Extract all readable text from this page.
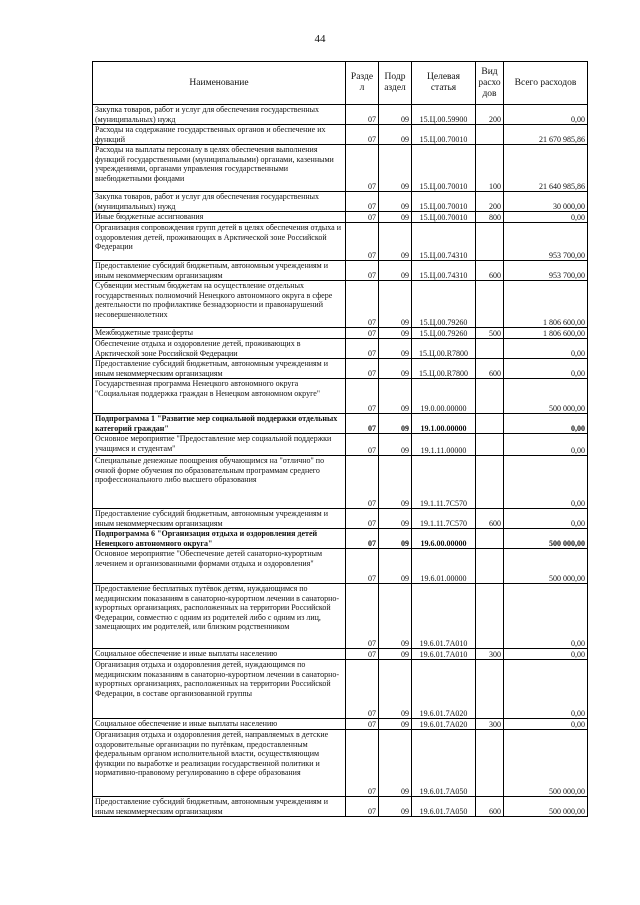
44
Наименование	Разде л	Подр аздел	Целевая статья	Вид расхо дов	Всего расходов
Закупка товаров, работ и услуг для обеспечения государственных (муниципальных) нужд	07	09	15.Ц.00.59900	200	0,00
Расходы на содержание государственных органов и обеспечение их функций	07	09	15.Ц.00.70010		21 670 985,86
Расходы на выплаты персоналу в целях обеспечения выполнения функций государственными (муниципальными) органами, казенными учреждениями, органами управления государственными внебюджетными фондами	07	09	15.Ц.00.70010	100	21 640 985,86
Закупка товаров, работ и услуг для обеспечения государственных (муниципальных) нужд	07	09	15.Ц.00.70010	200	30 000,00
Иные бюджетные ассигнования	07	09	15.Ц.00.70010	800	0,00
Организация сопровождения групп детей в целях обеспечения отдыха и оздоровления детей, проживающих в Арктической зоне Российской Федерации	07	09	15.Ц.00.74310		953 700,00
Предоставление субсидий бюджетным, автономным учреждениям и иным некоммерческим организациям	07	09	15.Ц.00.74310	600	953 700,00
Субвенции местным бюджетам на осуществление отдельных государственных полномочий Ненецкого автономного округа в сфере деятельности по профилактике безнадзорности и правонарушений несовершеннолетних	07	09	15.Ц.00.79260		1 806 600,00
Межбюджетные трансферты	07	09	15.Ц.00.79260	500	1 806 600,00
Обеспечение отдыха и оздоровление детей, проживающих в Арктической зоне Российской Федерации	07	09	15.Ц.00.R7800		0,00
Предоставление субсидий бюджетным, автономным учреждениям и иным некоммерческим организациям	07	09	15.Ц.00.R7800	600	0,00
Государственная программа Ненецкого автономного округа "Социальная поддержка граждан в Ненецком автономном округе"	07	09	19.0.00.00000		500 000,00
Подпрограмма 1 "Развитие мер социальной поддержки отдельных категорий граждан"	07	09	19.1.00.00000		0,00
Основное мероприятие "Предоставление мер социальной поддержки учащимся и студентам"	07	09	19.1.11.00000		0,00
Специальные денежные поощрения обучающимся на "отлично" по очной форме обучения по образовательным программам среднего профессионального либо высшего образования	07	09	19.1.11.7С570		0,00
Предоставление субсидий бюджетным, автономным учреждениям и иным некоммерческим организациям	07	09	19.1.11.7С570	600	0,00
Подпрограмма 6 "Организация отдыха и оздоровления детей Ненецкого автономного округа"	07	09	19.6.00.00000		500 000,00
Основное мероприятие "Обеспечение детей санаторно-курортным лечением и организованными формами отдыха и оздоровления"	07	09	19.6.01.00000		500 000,00
Предоставление бесплатных путёвок детям, нуждающимся по медицинским показаниям в санаторно-курортном лечении в санаторно-курортных организациях, расположенных на территории Российской Федерации, совместно с одним из родителей либо с одним из лиц, замещающих им родителей, или близким родственником	07	09	19.6.01.7А010		0,00
Социальное обеспечение и иные выплаты населению	07	09	19.6.01.7А010	300	0,00
Организация отдыха и оздоровления детей, нуждающимся по медицинским показаниям в санаторно-курортном лечении в санаторно-курортных организациях, расположенных на территории Российской Федерации, в составе организованной группы	07	09	19.6.01.7А020		0,00
Социальное обеспечение и иные выплаты населению	07	09	19.6.01.7А020	300	0,00
Организация отдыха и оздоровления детей, направляемых в детские оздоровительные организации по путёвкам, предоставленным федеральным органом исполнительной власти, осуществляющим функции по выработке и реализации государственной политики и нормативно-правовому регулированию в сфере образования	07	09	19.6.01.7А050		500 000,00
Предоставление субсидий бюджетным, автономным учреждениям и иным некоммерческим организациям	07	09	19.6.01.7А050	600	500 000,00
